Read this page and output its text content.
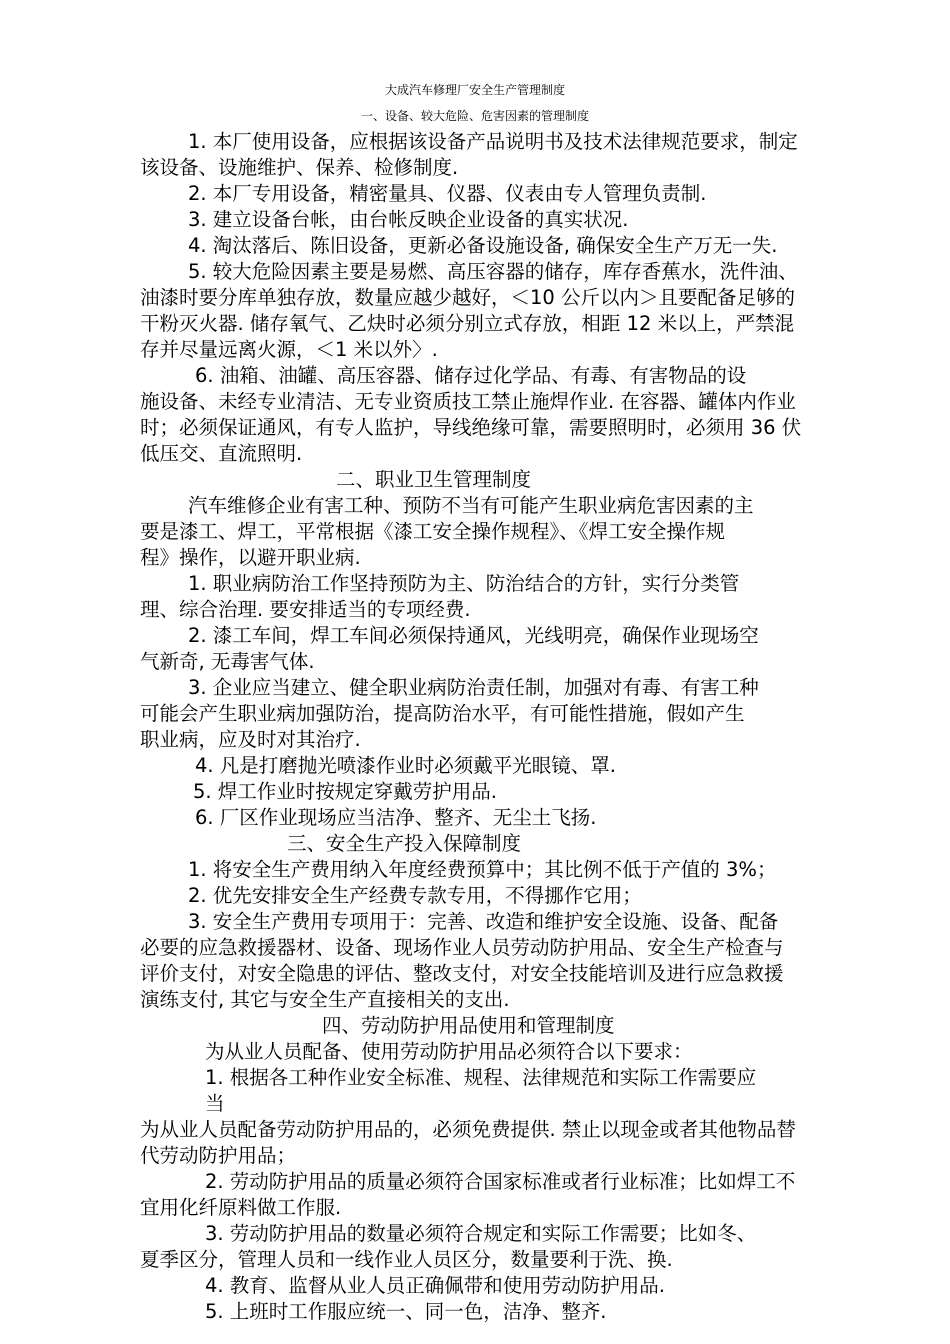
大成汽车修理厂安全生产管理制度
一、设备、较大危险、危害因素的管理制度
1. 本厂使用设备，应根据该设备产品说明书及技术法律规范要求，制定
该设备、设施维护、保养、检修制度.
2. 本厂专用设备，精密量具、仪器、仪表由专人管理负责制.
3. 建立设备台帐，由台帐反映企业设备的真实状况.
4. 淘汰落后、陈旧设备，更新必备设施设备, 确保安全生产万无一失.
5. 较大危险因素主要是易燃、高压容器的储存，库存香蕉水，洗件油、
油漆时要分库单独存放，数量应越少越好，＜10 公斤以内＞且要配备足够的
干粉灭火器. 储存氧气、乙炔时必须分别立式存放，相距 12 米以上，严禁混
存并尽量远离火源，＜1 米以外〉.
6. 油箱、油罐、高压容器、储存过化学品、有毒、有害物品的设
施设备、未经专业清洁、无专业资质技工禁止施焊作业. 在容器、罐体内作业
时；必须保证通风，有专人监护，导线绝缘可靠，需要照明时，必须用 36 伏
低压交、直流照明.
二、职业卫生管理制度
汽车维修企业有害工种、预防不当有可能产生职业病危害因素的主
要是漆工、焊工，平常根据《漆工安全操作规程》、《焊工安全操作规
程》操作，以避开职业病.
1. 职业病防治工作坚持预防为主、防治结合的方针，实行分类管
理、综合治理. 要安排适当的专项经费.
2. 漆工车间，焊工车间必须保持通风，光线明亮，确保作业现场空
气新奇, 无毒害气体.
3. 企业应当建立、健全职业病防治责任制，加强对有毒、有害工种
可能会产生职业病加强防治，提高防治水平，有可能性措施，假如产生
职业病，应及时对其治疗.
4. 凡是打磨抛光喷漆作业时必须戴平光眼镜、罩.
5. 焊工作业时按规定穿戴劳护用品.
6. 厂区作业现场应当洁净、整齐、无尘土飞扬.
三、安全生产投入保障制度
1. 将安全生产费用纳入年度经费预算中；其比例不低于产值的 3%；
2. 优先安排安全生产经费专款专用，不得挪作它用；
3. 安全生产费用专项用于：完善、改造和维护安全设施、设备、配备
必要的应急救援器材、设备、现场作业人员劳动防护用品、安全生产检查与
评价支付，对安全隐患的评估、整改支付，对安全技能培训及进行应急救援
演练支付, 其它与安全生产直接相关的支出.
四、劳动防护用品使用和管理制度
为从业人员配备、使用劳动防护用品必须符合以下要求：
1. 根据各工种作业安全标准、规程、法律规范和实际工作需要应
当
为从业人员配备劳动防护用品的，必须免费提供. 禁止以现金或者其他物品替
代劳动防护用品；
2. 劳动防护用品的质量必须符合国家标准或者行业标准；比如焊工不
宜用化纤原料做工作服.
3. 劳动防护用品的数量必须符合规定和实际工作需要；比如冬、
夏季区分，管理人员和一线作业人员区分，数量要利于洗、换.
4. 教育、监督从业人员正确佩带和使用劳动防护用品.
5. 上班时工作服应统一、同一色，洁净、整齐.
